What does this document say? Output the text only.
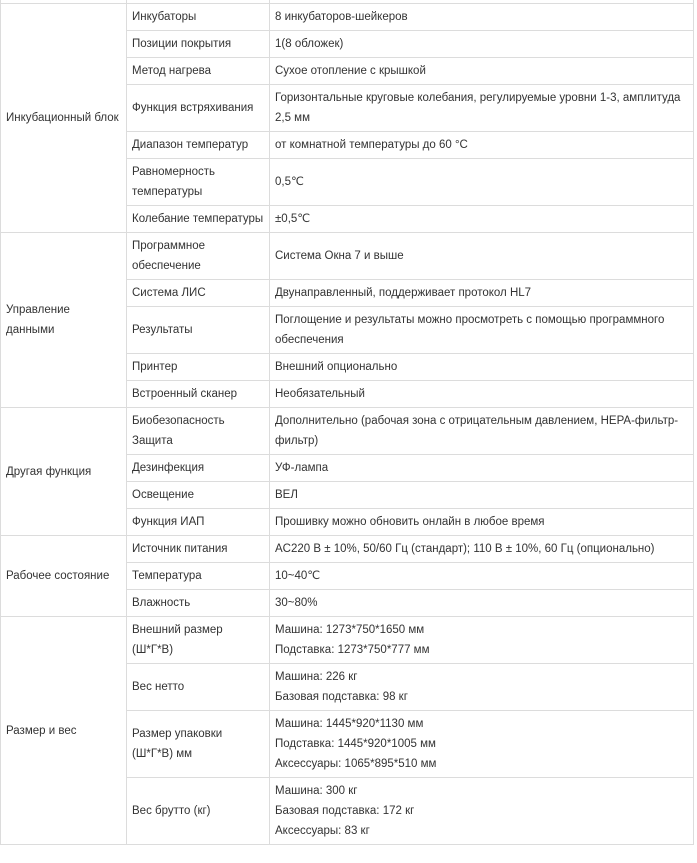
Инкубационный блок	Инкубаторы	8 инкубаторов-шейкеров

	Позиции покрытия	1(8 обложек)

	Метод нагрева	Сухое отопление с крышкой

	Функция встряхивания	Горизонтальные круговые колебания, регулируемые уровни 1-3, амплитуда 2,5 мм

	Диапазон температур	от комнатной температуры до 60 °C

	Равномерность температуры	0,5℃

	Колебание температуры	±0,5℃

Управление данными	Программное обеспечение	Система Окна 7 и выше

	Система ЛИС	Двунаправленный, поддерживает протокол HL7

	Результаты	Поглощение и результаты можно просмотреть с помощью программного обеспечения

	Принтер	Внешний опционально

	Встроенный сканер	Необязательный

Другая функция	Биобезопасность Защита	Дополнительно (рабочая зона с отрицательным давлением, HEPA-фильтр-фильтр)

	Дезинфекция	УФ-лампа

	Освещение	ВЕЛ

	Функция ИАП	Прошивку можно обновить онлайн в любое время

Рабочее состояние	Источник питания	AC220 В ± 10%, 50/60 Гц (стандарт); 110 В ± 10%, 60 Гц (опционально)

	Температура	10~40℃

	Влажность	30~80%

Размер и вес	Внешний размер (Ш*Г*В)	Машина: 1273*750*1650 мм
Подставка: 1273*750*777 мм

	Вес нетто	Машина: 226 кг
Базовая подставка: 98 кг

	Размер упаковки (Ш*Г*В) мм	Машина: 1445*920*1130 мм
Подставка: 1445*920*1005 мм
Аксессуары: 1065*895*510 мм

	Вес брутто (кг)	Машина: 300 кг
Базовая подставка: 172 кг
Аксессуары: 83 кг
